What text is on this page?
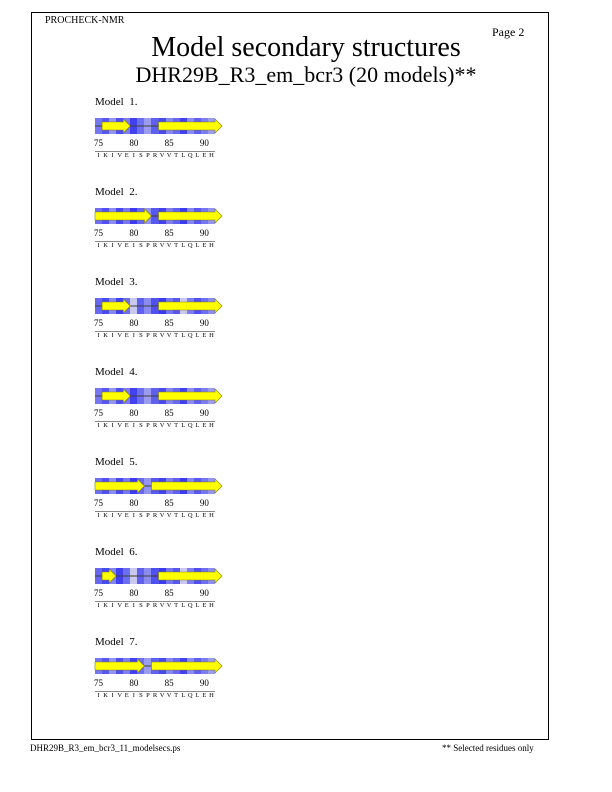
PROCHECK-NMR
Page 2
Model secondary structures
DHR29B_R3_em_bcr3 (20 models)**
Model  1.
75	80	85	90
I K I V E I S P R V V T L Q L E H
Model  2.
75	80	85	90
I K I V E I S P R V V T L Q L E H
Model  3.
75	80	85	90
I K I V E I S P R V V T L Q L E H
Model  4.
75	80	85	90
I K I V E I S P R V V T L Q L E H
Model  5.
75	80	85	90
I K I V E I S P R V V T L Q L E H
Model  6.
75	80	85	90
I K I V E I S P R V V T L Q L E H
Model  7.
75	80	85	90
I K I V E I S P R V V T L Q L E H
DHR29B_R3_em_bcr3_11_modelsecs.ps	** Selected residues only
